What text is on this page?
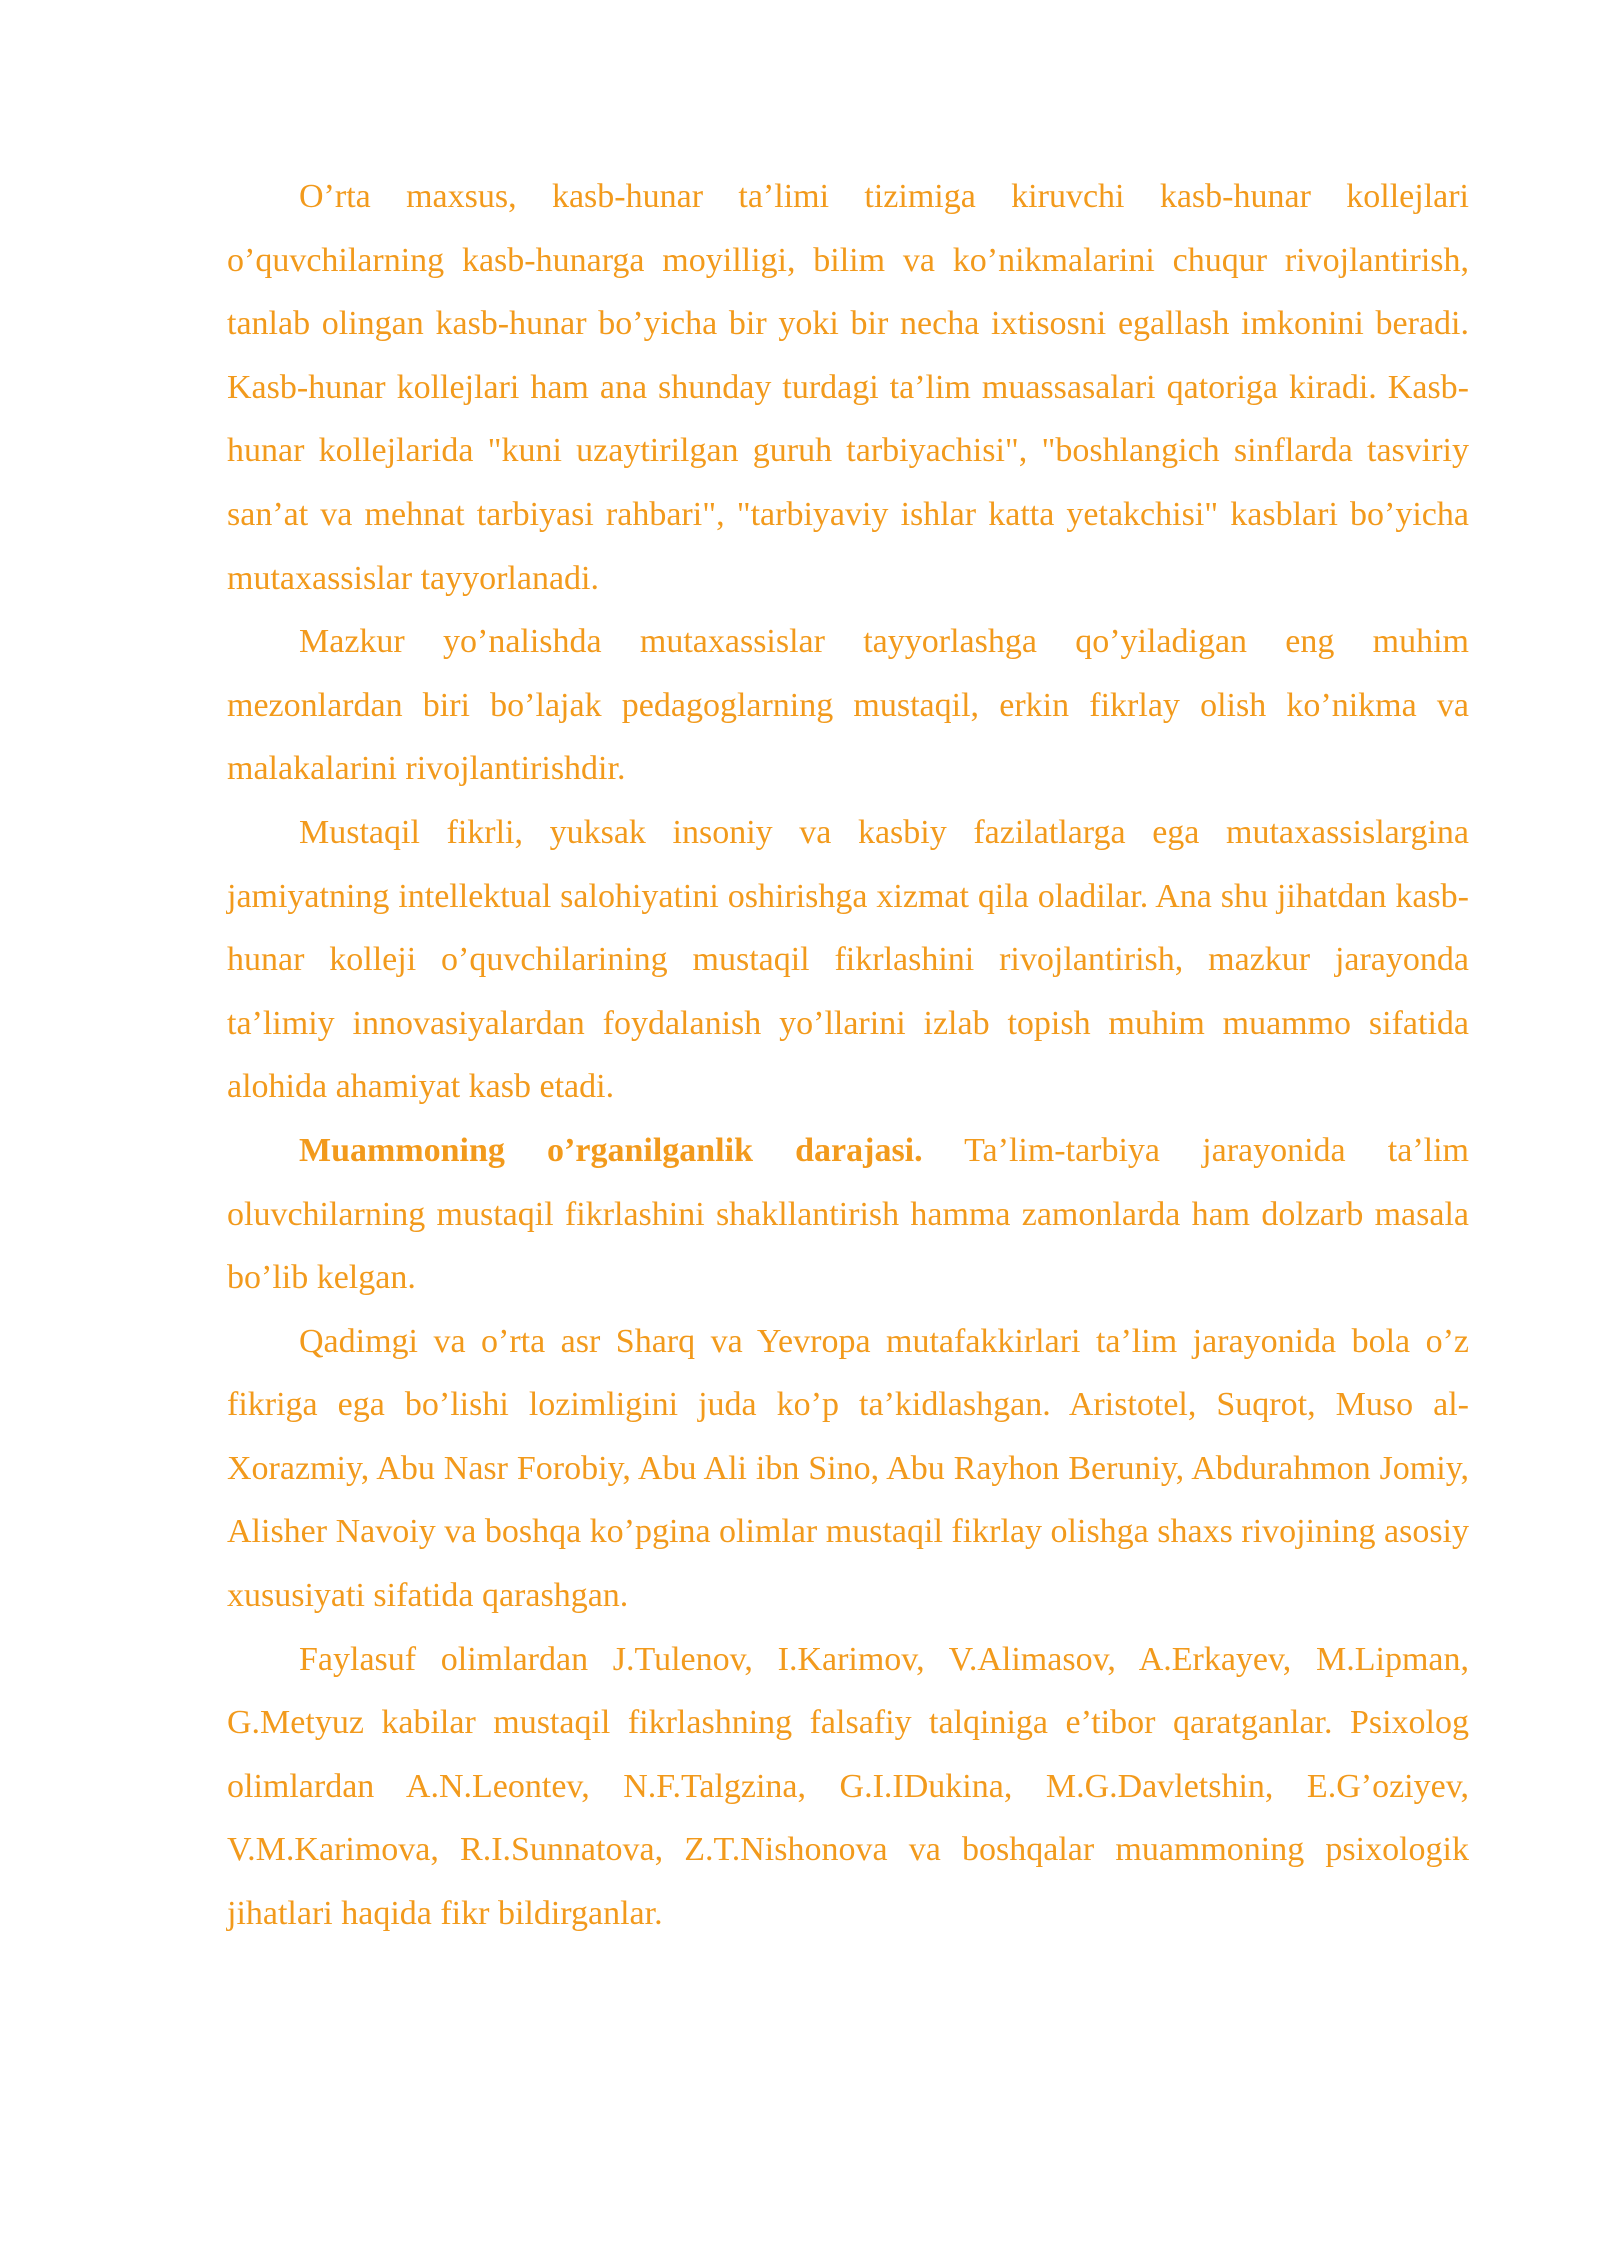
O’rta maxsus, kasb-hunar ta’limi tizimiga kiruvchi kasb-hunar kollejlari o’quvchilarning kasb-hunarga moyilligi, bilim va ko’nikmalarini chuqur rivojlantirish, tanlab olingan kasb-hunar bo’yicha bir yoki bir necha ixtisosni egallash imkonini beradi. Kasb-hunar kollejlari ham ana shunday turdagi ta’lim muassasalari qatoriga kiradi. Kasb-hunar kollejlarida "kuni uzaytirilgan guruh tarbiyachisi", "boshlangich sinflarda tasviriy san’at va mehnat tarbiyasi rahbari", "tarbiyaviy ishlar katta yetakchisi" kasblari bo’yicha mutaxassislar tayyorlanadi.

Mazkur yo’nalishda mutaxassislar tayyorlashga qo’yiladigan eng muhim mezonlardan biri bo’lajak pedagoglarning mustaqil, erkin fikrlay olish ko’nikma va malakalarini rivojlantirishdir.

Mustaqil fikrli, yuksak insoniy va kasbiy fazilatlarga ega mutaxassislargina jamiyatning intellektual salohiyatini oshirishga xizmat qila oladilar. Ana shu jihatdan kasb-hunar kolleji o’quvchilarining mustaqil fikrlashini rivojlantirish, mazkur jarayonda ta’limiy innovasiyalardan foydalanish yo’llarini izlab topish muhim muammo sifatida alohida ahamiyat kasb etadi.

Muammoning o’rganilganlik darajasi. Ta’lim-tarbiya jarayonida ta’lim oluvchilarning mustaqil fikrlashini shakllantirish hamma zamonlarda ham dolzarb masala bo’lib kelgan.

Qadimgi va o’rta asr Sharq va Yevropa mutafakkirlari ta’lim jarayonida bola o’z fikriga ega bo’lishi lozimligini juda ko’p ta’kidlashgan. Aristotel, Suqrot, Muso al-Xorazmiy, Abu Nasr Forobiy, Abu Ali ibn Sino, Abu Rayhon Beruniy, Abdurahmon Jomiy, Alisher Navoiy va boshqa ko’pgina olimlar mustaqil fikrlay olishga shaxs rivojining asosiy xususiyati sifatida qarashgan.

Faylasuf olimlardan J.Tulenov, I.Karimov, V.Alimasov, A.Erkayev, M.Lipman, G.Metyuz kabilar mustaqil fikrlashning falsafiy talqiniga e’tibor qaratganlar. Psixolog olimlardan A.N.Leontev, N.F.Talgzina, G.I.IDukina, M.G.Davletshin, E.G’oziyev, V.M.Karimova, R.I.Sunnatova, Z.T.Nishonova va boshqalar muammoning psixologik jihatlari haqida fikr bildirganlar.
